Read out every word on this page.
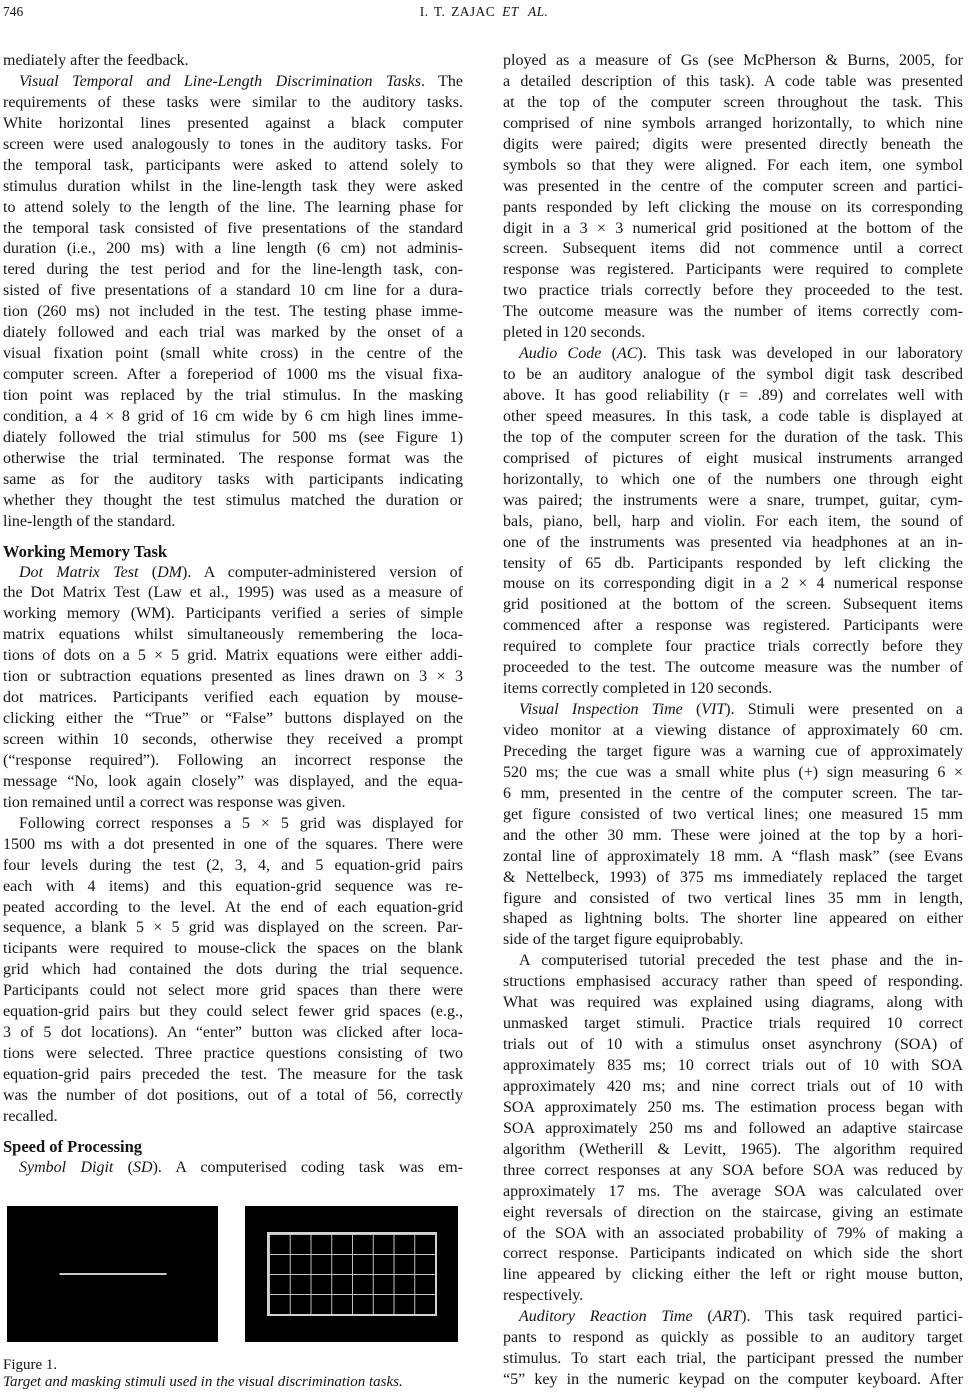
746	I. T. ZAJAC ET AL.
mediately after the feedback.
Visual Temporal and Line-Length Discrimination Tasks. The
requirements of these tasks were similar to the auditory tasks.
White horizontal lines presented against a black computer
screen were used analogously to tones in the auditory tasks. For
the temporal task, participants were asked to attend solely to
stimulus duration whilst in the line-length task they were asked
to attend solely to the length of the line. The learning phase for
the temporal task consisted of five presentations of the standard
duration (i.e., 200 ms) with a line length (6 cm) not adminis-
tered during the test period and for the line-length task, con-
sisted of five presentations of a standard 10 cm line for a dura-
tion (260 ms) not included in the test. The testing phase imme-
diately followed and each trial was marked by the onset of a
visual fixation point (small white cross) in the centre of the
computer screen. After a foreperiod of 1000 ms the visual fixa-
tion point was replaced by the trial stimulus. In the masking
condition, a 4 × 8 grid of 16 cm wide by 6 cm high lines imme-
diately followed the trial stimulus for 500 ms (see Figure 1)
otherwise the trial terminated. The response format was the
same as for the auditory tasks with participants indicating
whether they thought the test stimulus matched the duration or
line-length of the standard.
Working Memory Task
Dot Matrix Test (DM). A computer-administered version of
the Dot Matrix Test (Law et al., 1995) was used as a measure of
working memory (WM). Participants verified a series of simple
matrix equations whilst simultaneously remembering the loca-
tions of dots on a 5 × 5 grid. Matrix equations were either addi-
tion or subtraction equations presented as lines drawn on 3 × 3
dot matrices. Participants verified each equation by mouse-
clicking either the “True” or “False” buttons displayed on the
screen within 10 seconds, otherwise they received a prompt
(“response required”). Following an incorrect response the
message “No, look again closely” was displayed, and the equa-
tion remained until a correct was response was given.
Following correct responses a 5 × 5 grid was displayed for
1500 ms with a dot presented in one of the squares. There were
four levels during the test (2, 3, 4, and 5 equation-grid pairs
each with 4 items) and this equation-grid sequence was re-
peated according to the level. At the end of each equation-grid
sequence, a blank 5 × 5 grid was displayed on the screen. Par-
ticipants were required to mouse-click the spaces on the blank
grid which had contained the dots during the trial sequence.
Participants could not select more grid spaces than there were
equation-grid pairs but they could select fewer grid spaces (e.g.,
3 of 5 dot locations). An “enter” button was clicked after loca-
tions were selected. Three practice questions consisting of two
equation-grid pairs preceded the test. The measure for the task
was the number of dot positions, out of a total of 56, correctly
recalled.
Speed of Processing
Symbol Digit (SD). A computerised coding task was em-
Figure 1.
Target and masking stimuli used in the visual discrimination tasks.
ployed as a measure of Gs (see McPherson & Burns, 2005, for
a detailed description of this task). A code table was presented
at the top of the computer screen throughout the task. This
comprised of nine symbols arranged horizontally, to which nine
digits were paired; digits were presented directly beneath the
symbols so that they were aligned. For each item, one symbol
was presented in the centre of the computer screen and partici-
pants responded by left clicking the mouse on its corresponding
digit in a 3 × 3 numerical grid positioned at the bottom of the
screen. Subsequent items did not commence until a correct
response was registered. Participants were required to complete
two practice trials correctly before they proceeded to the test.
The outcome measure was the number of items correctly com-
pleted in 120 seconds.
Audio Code (AC). This task was developed in our laboratory
to be an auditory analogue of the symbol digit task described
above. It has good reliability (r = .89) and correlates well with
other speed measures. In this task, a code table is displayed at
the top of the computer screen for the duration of the task. This
comprised of pictures of eight musical instruments arranged
horizontally, to which one of the numbers one through eight
was paired; the instruments were a snare, trumpet, guitar, cym-
bals, piano, bell, harp and violin. For each item, the sound of
one of the instruments was presented via headphones at an in-
tensity of 65 db. Participants responded by left clicking the
mouse on its corresponding digit in a 2 × 4 numerical response
grid positioned at the bottom of the screen. Subsequent items
commenced after a response was registered. Participants were
required to complete four practice trials correctly before they
proceeded to the test. The outcome measure was the number of
items correctly completed in 120 seconds.
Visual Inspection Time (VIT). Stimuli were presented on a
video monitor at a viewing distance of approximately 60 cm.
Preceding the target figure was a warning cue of approximately
520 ms; the cue was a small white plus (+) sign measuring 6 ×
6 mm, presented in the centre of the computer screen. The tar-
get figure consisted of two vertical lines; one measured 15 mm
and the other 30 mm. These were joined at the top by a hori-
zontal line of approximately 18 mm. A “flash mask” (see Evans
& Nettelbeck, 1993) of 375 ms immediately replaced the target
figure and consisted of two vertical lines 35 mm in length,
shaped as lightning bolts. The shorter line appeared on either
side of the target figure equiprobably.
A computerised tutorial preceded the test phase and the in-
structions emphasised accuracy rather than speed of responding.
What was required was explained using diagrams, along with
unmasked target stimuli. Practice trials required 10 correct
trials out of 10 with a stimulus onset asynchrony (SOA) of
approximately 835 ms; 10 correct trials out of 10 with SOA
approximately 420 ms; and nine correct trials out of 10 with
SOA approximately 250 ms. The estimation process began with
SOA approximately 250 ms and followed an adaptive staircase
algorithm (Wetherill & Levitt, 1965). The algorithm required
three correct responses at any SOA before SOA was reduced by
approximately 17 ms. The average SOA was calculated over
eight reversals of direction on the staircase, giving an estimate
of the SOA with an associated probability of 79% of making a
correct response. Participants indicated on which side the short
line appeared by clicking either the left or right mouse button,
respectively.
Auditory Reaction Time (ART). This task required partici-
pants to respond as quickly as possible to an auditory target
stimulus. To start each trial, the participant pressed the number
“5” key in the numeric keypad on the computer keyboard. After
